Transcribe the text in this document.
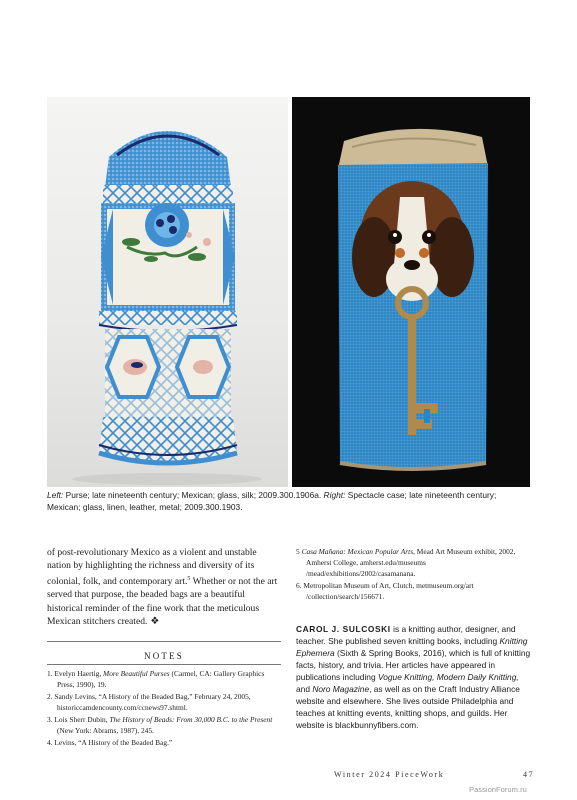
Left: Purse; late nineteenth century; Mexican; glass, silk; 2009.300.1906a. Right: Spectacle case; late nineteenth century; Mexican; glass, linen, leather, metal; 2009.300.1903.

of post-revolutionary Mexico as a violent and unstable nation by highlighting the richness and diversity of its colonial, folk, and contemporary art.$^5$ Whether or not the art served that purpose, the beaded bags are a beautiful historical reminder of the fine work that the meticulous Mexican stitchers created. ❖

NOTES
1. Evelyn Haertig, More Beautiful Purses (Carmel, CA: Gallery Graphics Press, 1990), 19.
2. Sandy Levins, “A History of the Beaded Bag,” February 24, 2005, historiccamdencounty.com/ccnews97.shtml.
3. Lois Sherr Dubin, The History of Beads: From 30,000 B.C. to the Present (New York: Abrams, 1987), 245.
4. Levins, “A History of the Beaded Bag.”
5 Casa Mañana: Mexican Popular Arts, Mead Art Museum exhibit, 2002, Amherst College, amherst.edu/museums /mead/exhibitions/2002/casamanana.
6. Metropolitan Museum of Art, Clutch, metmuseum.org/art /collection/search/156671.

CAROL J. SULCOSKI is a knitting author, designer, and teacher. She published seven knitting books, including Knitting Ephemera (Sixth & Spring Books, 2016), which is full of knitting facts, history, and trivia. Her articles have appeared in publications including Vogue Knitting, Modern Daily Knitting, and Noro Magazine, as well as on the Craft Industry Alliance website and elsewhere. She lives outside Philadelphia and teaches at knitting events, knitting shops, and guilds. Her website is blackbunnyfibers.com.

Winter 2024 PieceWork	47
PassionForum.ru
